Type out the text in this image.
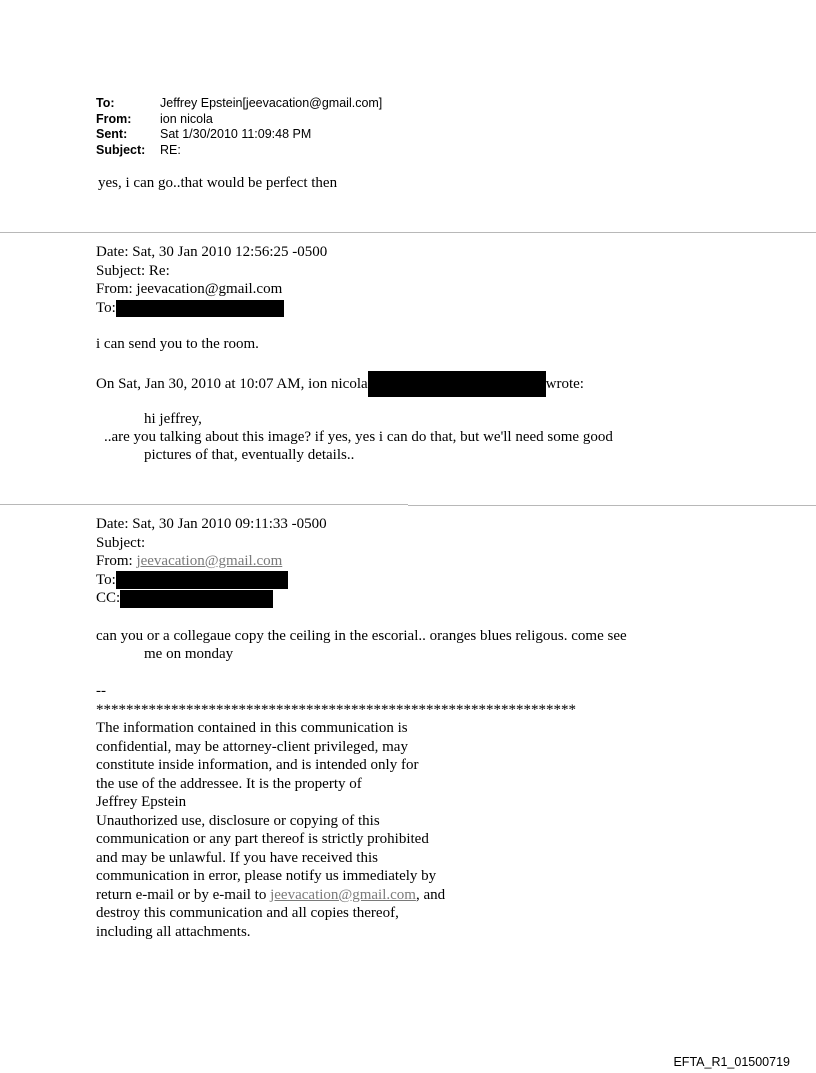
To:	Jeffrey Epstein[jeevacation@gmail.com]
From:	ion nicola
Sent:	Sat 1/30/2010 11:09:48 PM
Subject:	RE:
yes, i can go..that would be perfect then
Date: Sat, 30 Jan 2010 12:56:25 -0500
Subject: Re:
From: jeevacation@gmail.com
To:
i can send you to the room.
On Sat, Jan 30, 2010 at 10:07 AM, ion nicola	wrote:
hi jeffrey,
..are you talking about this image? if yes, yes i can do that, but we'll need some good
pictures of that, eventually details..
Date: Sat, 30 Jan 2010 09:11:33 -0500
Subject:
From: jeevacation@gmail.com
To:
CC:
can you or a collegaue copy the ceiling in the escorial.. oranges blues religous. come see
me on monday
--
****************************************************************
The information contained in this communication is
confidential, may be attorney-client privileged, may
constitute inside information, and is intended only for
the use of the addressee. It is the property of
Jeffrey Epstein
Unauthorized use, disclosure or copying of this
communication or any part thereof is strictly prohibited
and may be unlawful. If you have received this
communication in error, please notify us immediately by
return e-mail or by e-mail to jeevacation@gmail.com, and
destroy this communication and all copies thereof,
including all attachments.
EFTA_R1_01500719
